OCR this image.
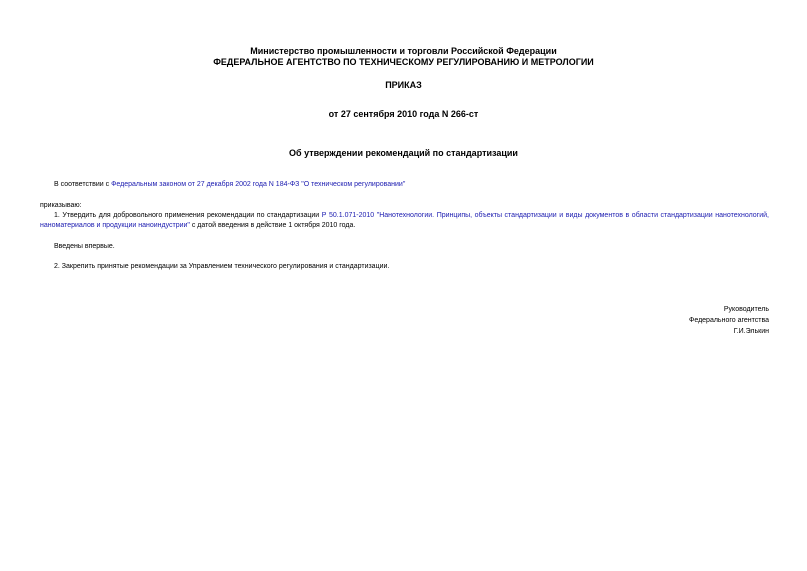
Министерство промышленности и торговли Российской Федерации
ФЕДЕРАЛЬНОЕ АГЕНТСТВО ПО ТЕХНИЧЕСКОМУ РЕГУЛИРОВАНИЮ И МЕТРОЛОГИИ
ПРИКАЗ
от 27 сентября 2010 года N 266-ст
Об утверждении рекомендаций по стандартизации
В соответствии с Федеральным законом от 27 декабря 2002 года N 184-ФЗ "О техническом регулировании"
приказываю:
1. Утвердить для добровольного применения рекомендации по стандартизации Р 50.1.071-2010 "Нанотехнологии. Принципы, объекты стандартизации и виды документов в области стандартизации нанотехнологий, наноматериалов и продукции наноиндустрии" с датой введения в действие 1 октября 2010 года.
Введены впервые.
2. Закрепить принятые рекомендации за Управлением технического регулирования и стандартизации.
Руководитель
Федерального агентства
Г.И.Элькин
